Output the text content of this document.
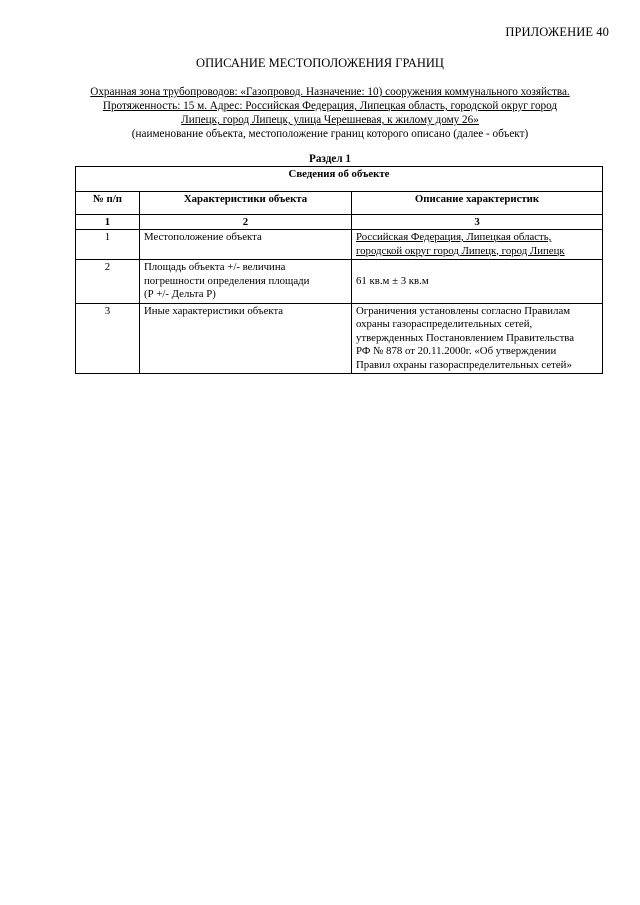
ПРИЛОЖЕНИЕ 40
ОПИСАНИЕ МЕСТОПОЛОЖЕНИЯ ГРАНИЦ
Охранная зона трубопроводов: «Газопровод. Назначение: 10) сооружения коммунального хозяйства.
Протяженность: 15 м. Адрес: Российская Федерация, Липецкая область, городской округ город
Липецк, город Липецк, улица Черешневая, к жилому дому 26»
(наименование объекта, местоположение границ которого описано (далее - объект)
Раздел 1
Сведения об объекте		
№ п/п	Характеристики объекта	Описание характеристик
1	2	3
1	Местоположение объекта	Российская Федерация, Липецкая область,
городской округ город Липецк, город Липецк

2	Площадь объекта +/- величина
погрешности определения площади
(Р +/- Дельта Р)	61 кв.м ± 3 кв.м
3	Иные характеристики объекта	Ограничения установлены согласно Правилам
охраны газораспределительных сетей,
утвержденных Постановлением Правительства
РФ № 878 от 20.11.2000г. «Об утверждении
Правил охраны газораспределительных сетей»
